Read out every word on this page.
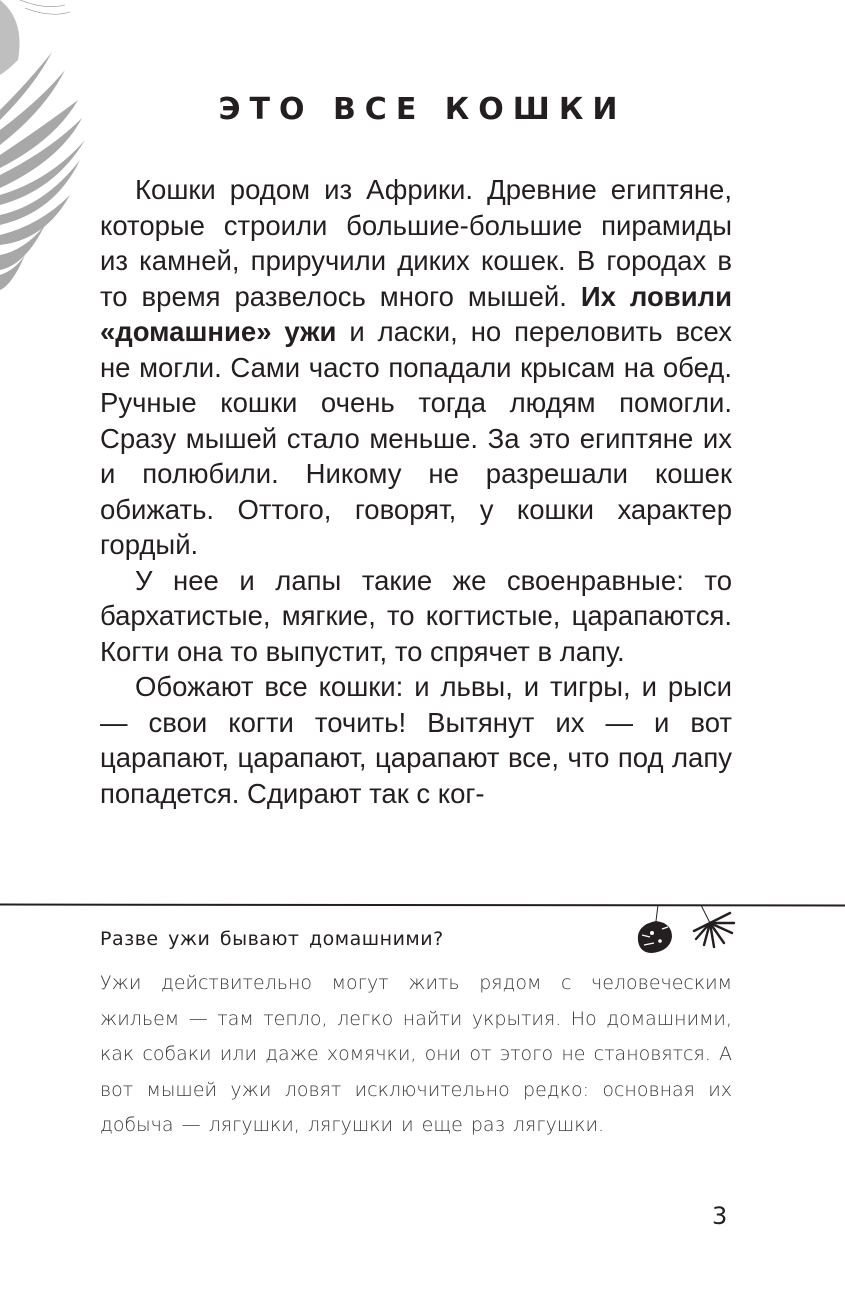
ЭТО ВСЕ КОШКИ

Кошки родом из Африки. Древние египтяне, которые строили большие-большие пирамиды из камней, приручили диких кошек. В городах в то время развелось много мышей. Их ловили «домашние» ужи и ласки, но переловить всех не могли. Сами часто попадали крысам на обед. Ручные кошки очень тогда людям помогли. Сразу мышей стало меньше. За это египтяне их и полюбили. Никому не разрешали кошек обижать. Оттого, говорят, у кошки характер гордый.

У нее и лапы такие же своенравные: то бархатистые, мягкие, то когтистые, царапаются. Когти она то выпустит, то спрячет в лапу.

Обожают все кошки: и львы, и тигры, и рыси — свои когти точить! Вытянут их — и вот царапают, царапают, царапают все, что под лапу попадется. Сдирают так с ког-

Разве ужи бывают домашними?

Ужи действительно могут жить рядом с человеческим жильем — там тепло, легко найти укрытия. Но домашними, как собаки или даже хомячки, они от этого не становятся. А вот мышей ужи ловят исключительно редко: основная их добыча — лягушки, лягушки и еще раз лягушки.

3
